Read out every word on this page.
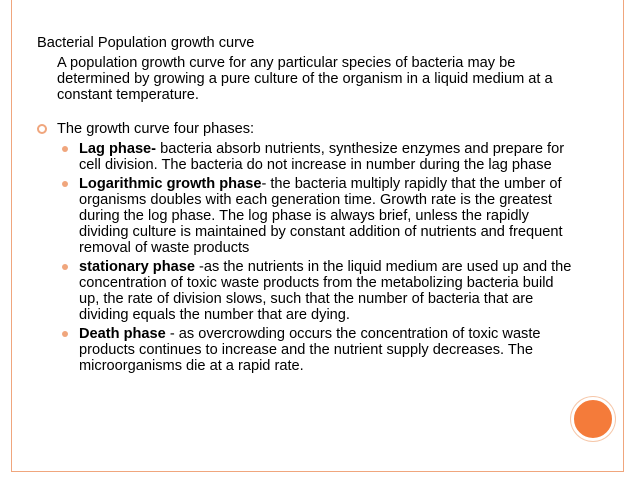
Bacterial Population growth curve

A population growth curve for any particular species of bacteria may be determined by growing a pure culture of the organism in a liquid medium at a constant temperature.

The growth curve four phases:
Lag phase- bacteria absorb nutrients, synthesize enzymes and prepare for cell division. The bacteria do not increase in number during the lag phase
Logarithmic growth phase- the bacteria multiply rapidly that the umber of organisms doubles with each generation time. Growth rate is the greatest during the log phase. The log phase is always brief, unless the rapidly dividing culture is maintained by constant addition of nutrients and frequent removal of waste products
stationary phase -as the nutrients in the liquid medium are used up and the concentration of toxic waste products from the metabolizing bacteria build up, the rate of division slows, such that the number of bacteria that are dividing equals the number that are dying.
Death phase - as overcrowding occurs the concentration of toxic waste products continues to increase and the nutrient supply decreases. The microorganisms die at a rapid rate.
